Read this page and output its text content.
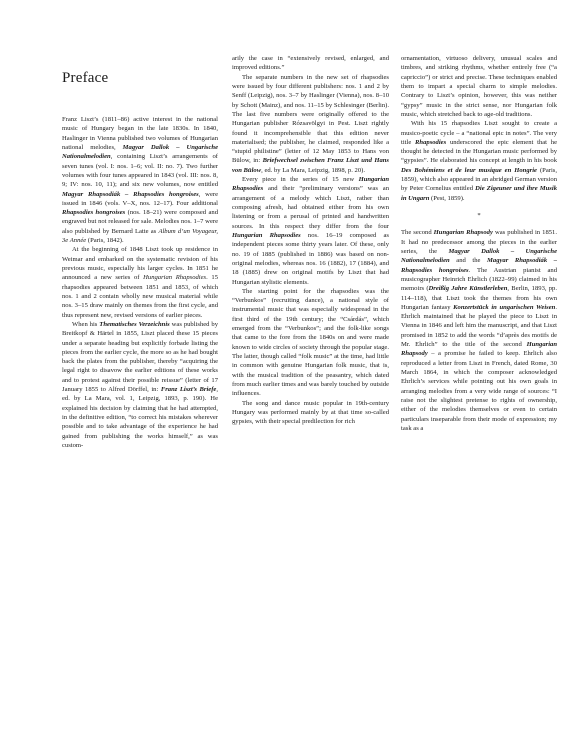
Preface

Franz Liszt’s (1811–86) active interest in the national music of Hungary began in the late 1830s. In 1840, Haslinger in Vienna published two volumes of Hungarian national melodies, Magyar Dallok – Ungarische Nationalmelodien, containing Liszt’s arrangements of seven tunes (vol. I: nos. 1–6; vol. II: no. 7). Two further volumes with four tunes appeared in 1843 (vol. III: nos. 8, 9; IV: nos. 10, 11); and six new volumes, now entitled Magyar Rhapsodiák – Rhapsodies hongroises, were issued in 1846 (vols. V–X, nos. 12–17). Four additional Rhapsodies hongroises (nos. 18–21) were composed and engraved but not released for sale. Melodies nos. 1–7 were also published by Bernard Latte as Album d’un Voyageur, 3e Année (Paris, 1842).

At the beginning of 1848 Liszt took up residence in Weimar and embarked on the systematic revision of his previous music, especially his larger cycles. In 1851 he announced a new series of Hungarian Rhapsodies. 15 rhapsodies appeared between 1851 and 1853, of which nos. 1 and 2 contain wholly new musical material while nos. 3–15 draw mainly on themes from the first cycle, and thus represent new, revised versions of earlier pieces.

When his Thematisches Verzeichnis was published by Breitkopf & Härtel in 1855, Liszt placed these 15 pieces under a separate heading but explicitly forbade listing the pieces from the earlier cycle, the more so as he had bought back the plates from the publisher, thereby “acquiring the legal right to disavow the earlier editions of these works and to protest against their possible reissue” (letter of 17 January 1855 to Alfred Dörffel, in: Franz Liszt’s Briefe, ed. by La Mara, vol. 1, Leipzig, 1893, p. 190). He explained his decision by claiming that he had attempted, in the definitive edition, “to correct his mistakes wherever possible and to take advantage of the experience he had gained from publishing the works himself,” as was custom-

arily the case in “extensively revised, enlarged, and improved editions.”

The separate numbers in the new set of rhapsodies were issued by four different publishers: nos. 1 and 2 by Senff (Leipzig), nos. 3–7 by Haslinger (Vienna), nos. 8–10 by Schott (Mainz), and nos. 11–15 by Schlesinger (Berlin). The last five numbers were originally offered to the Hungarian publisher Rózsavölgyi in Pest. Liszt rightly found it incomprehensible that this edition never materialised; the publisher, he claimed, responded like a “stupid philistine” (letter of 12 May 1853 to Hans von Bülow, in: Briefwechsel zwischen Franz Liszt und Hans von Bülow, ed. by La Mara, Leipzig, 1898, p. 20).

Every piece in the series of 15 new Hungarian Rhapsodies and their “preliminary versions” was an arrangement of a melody which Liszt, rather than composing afresh, had obtained either from his own listening or from a perusal of printed and handwritten sources. In this respect they differ from the four Hungarian Rhapsodies nos. 16–19 composed as independent pieces some thirty years later. Of these, only no. 19 of 1885 (published in 1886) was based on non-original melodies, whereas nos. 16 (1882), 17 (1884), and 18 (1885) drew on original motifs by Liszt that had Hungarian stylistic elements.

The starting point for the rhapsodies was the “Verbunkos” (recruiting dance), a national style of instrumental music that was especially widespread in the first third of the 19th century; the “Csárdás”, which emerged from the “Verbunkos”; and the folk-like songs that came to the fore from the 1840s on and were made known to wide circles of society through the popular stage. The latter, though called “folk music” at the time, had little in common with genuine Hungarian folk music, that is, with the musical tradition of the peasantry, which dated from much earlier times and was barely touched by outside influences.

The song and dance music popular in 19th-century Hungary was performed mainly by at that time so-called gypsies, with their special predilection for rich

ornamentation, virtuoso delivery, unusual scales and timbres, and striking rhythms, whether entirely free (“a capriccio”) or strict and precise. These techniques enabled them to impart a special charm to simple melodies. Contrary to Liszt’s opinion, however, this was neither “gypsy” music in the strict sense, nor Hungarian folk music, which stretched back to age-old traditions.

With his 15 rhapsodies Liszt sought to create a musico-poetic cycle – a “national epic in notes”. The very title Rhapsodies underscored the epic element that he thought he detected in the Hungarian music performed by “gypsies”. He elaborated his concept at length in his book Des Bohémiens et de leur musique en Hongrie (Paris, 1859), which also appeared in an abridged German version by Peter Cornelius entitled Die Zigeuner und ihre Musik in Ungarn (Pest, 1859).

*

The second Hungarian Rhapsody was published in 1851. It had no predecessor among the pieces in the earlier series, the Magyar Dallok – Ungarische Nationalmelodien and the Magyar Rhapsodiák – Rhapsodies hongroises. The Austrian pianist and musicographer Heinrich Ehrlich (1822–99) claimed in his memoirs (Dreißig Jahre Künstlerleben, Berlin, 1893, pp. 114–118), that Liszt took the themes from his own Hungarian fantasy Konzertstück in ungarischen Weisen. Ehrlich maintained that he played the piece to Liszt in Vienna in 1846 and left him the manuscript, and that Liszt promised in 1852 to add the words “d’après des motifs de Mr. Ehrlich” to the title of the second Hungarian Rhapsody – a promise he failed to keep. Ehrlich also reproduced a letter from Liszt in French, dated Rome, 30 March 1864, in which the composer acknowledged Ehrlich’s services while pointing out his own goals in arranging melodies from a very wide range of sources: “I raise not the slightest pretense to rights of ownership, either of the melodies themselves or even to certain particulars inseparable from their mode of expression; my task as a
